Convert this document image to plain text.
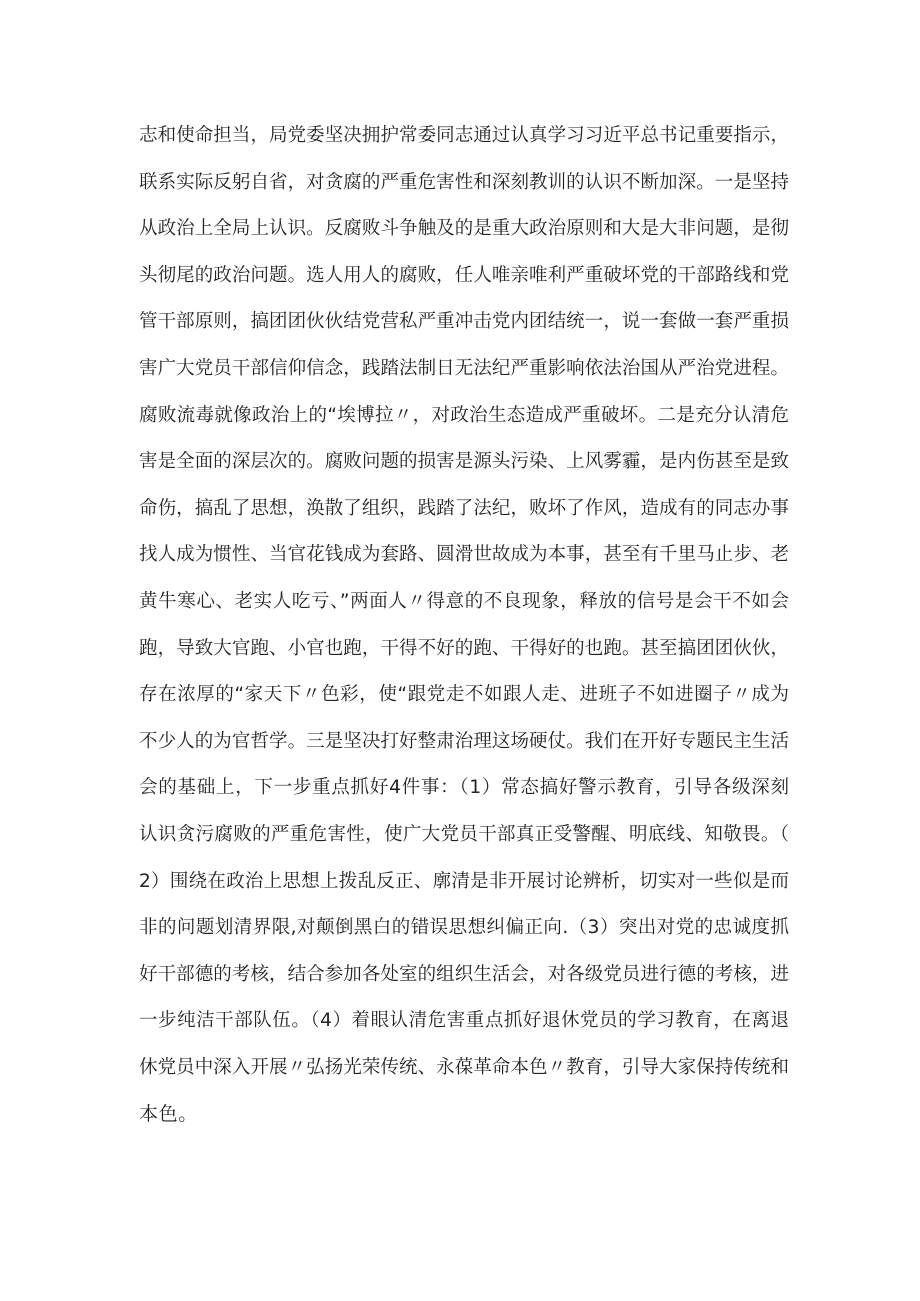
志和使命担当，局党委坚决拥护常委同志通过认真学习习近平总书记重要指示，
联系实际反躬自省，对贪腐的严重危害性和深刻教训的认识不断加深。一是坚持
从政治上全局上认识。反腐败斗争触及的是重大政治原则和大是大非问题，是彻
头彻尾的政治问题。选人用人的腐败，任人唯亲唯利严重破坏党的干部路线和党
管干部原则，搞团团伙伙结党营私严重冲击党内团结统一，说一套做一套严重损
害广大党员干部信仰信念，践踏法制日无法纪严重影响依法治国从严治党进程。
腐败流毒就像政治上的“埃博拉〃，对政治生态造成严重破坏。二是充分认清危
害是全面的深层次的。腐败问题的损害是源头污染、上风雾霾，是内伤甚至是致
命伤，搞乱了思想，涣散了组织，践踏了法纪，败坏了作风，造成有的同志办事
找人成为惯性、当官花钱成为套路、圆滑世故成为本事，甚至有千里马止步、老
黄牛寒心、老实人吃亏、”两面人〃得意的不良现象，释放的信号是会干不如会
跑，导致大官跑、小官也跑，干得不好的跑、干得好的也跑。甚至搞团团伙伙，
存在浓厚的“家天下〃色彩，使“跟党走不如跟人走、进班子不如进圈子〃成为
不少人的为官哲学。三是坚决打好整肃治理这场硬仗。我们在开好专题民主生活
会的基础上，下一步重点抓好4件事：（1）常态搞好警示教育，引导各级深刻
认识贪污腐败的严重危害性，使广大党员干部真正受警醒、明底线、知敬畏。（
2）围绕在政治上思想上拨乱反正、廓清是非开展讨论辨析，切实对一些似是而
非的问题划清界限,对颠倒黑白的错误思想纠偏正向.（3）突出对党的忠诚度抓
好干部德的考核，结合参加各处室的组织生活会，对各级党员进行德的考核，进
一步纯洁干部队伍。（4）着眼认清危害重点抓好退休党员的学习教育，在离退
休党员中深入开展〃弘扬光荣传统、永葆革命本色〃教育，引导大家保持传统和
本色。
